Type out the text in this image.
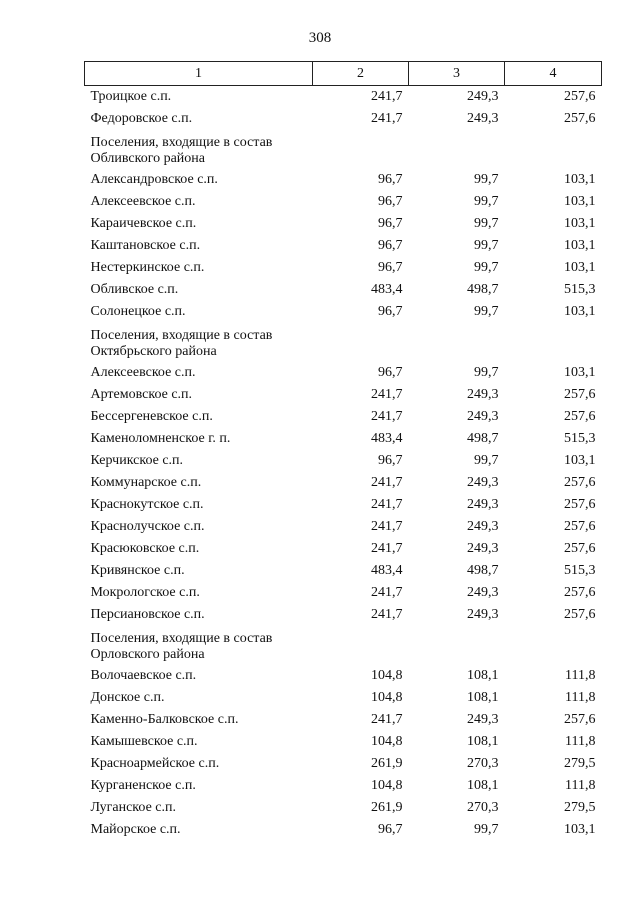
308
1	2	3	4
Троицкое с.п.	241,7	249,3	257,6
Федоровское с.п.	241,7	249,3	257,6
Поселения, входящие в состав Обливского района			
Александровское с.п.	96,7	99,7	103,1
Алексеевское с.п.	96,7	99,7	103,1
Караичевское с.п.	96,7	99,7	103,1
Каштановское с.п.	96,7	99,7	103,1
Нестеркинское с.п.	96,7	99,7	103,1
Обливское с.п.	483,4	498,7	515,3
Солонецкое с.п.	96,7	99,7	103,1
Поселения, входящие в состав Октябрьского района			
Алексеевское с.п.	96,7	99,7	103,1
Артемовское с.п.	241,7	249,3	257,6
Бессергеневское с.п.	241,7	249,3	257,6
Каменоломненское г. п.	483,4	498,7	515,3
Керчикское с.п.	96,7	99,7	103,1
Коммунарское с.п.	241,7	249,3	257,6
Краснокутское с.п.	241,7	249,3	257,6
Краснолучское с.п.	241,7	249,3	257,6
Красюковское с.п.	241,7	249,3	257,6
Кривянское с.п.	483,4	498,7	515,3
Мокрологское с.п.	241,7	249,3	257,6
Персиановское с.п.	241,7	249,3	257,6
Поселения, входящие в состав Орловского района			
Волочаевское с.п.	104,8	108,1	111,8
Донское с.п.	104,8	108,1	111,8
Каменно-Балковское с.п.	241,7	249,3	257,6
Камышевское с.п.	104,8	108,1	111,8
Красноармейское с.п.	261,9	270,3	279,5
Курганенское с.п.	104,8	108,1	111,8
Луганское с.п.	261,9	270,3	279,5
Майорское с.п.	96,7	99,7	103,1
